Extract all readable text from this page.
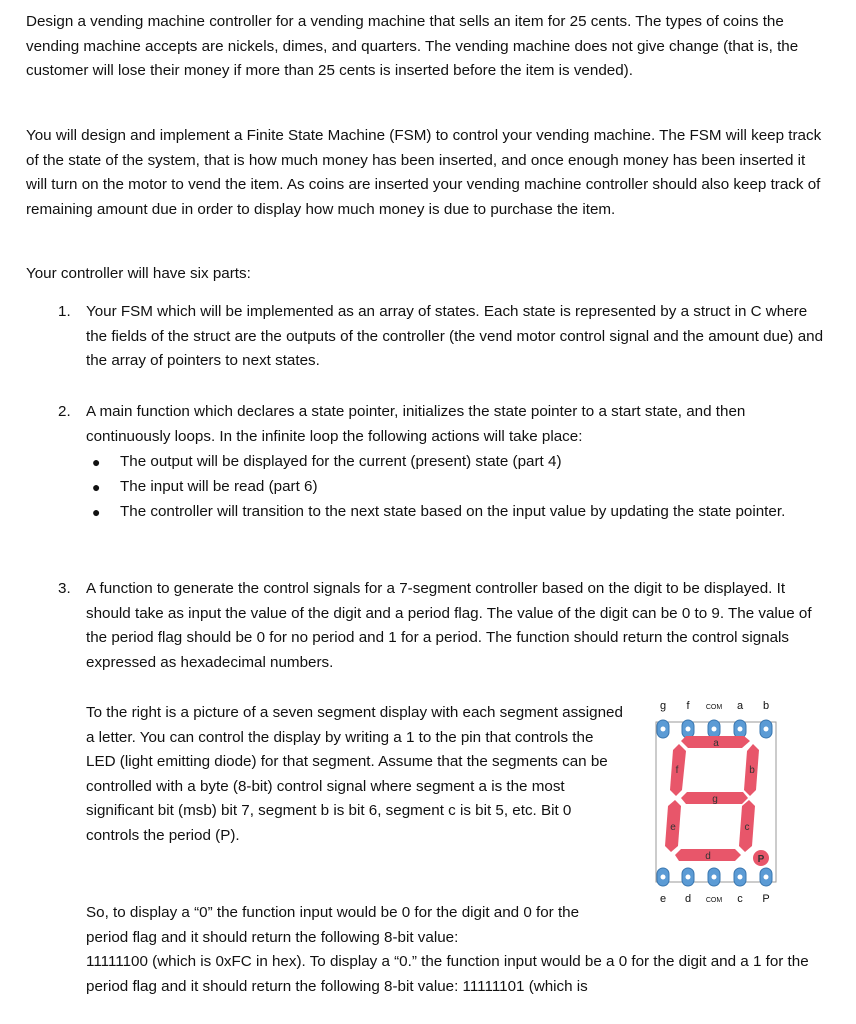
Design a vending machine controller for a vending machine that sells an item for 25 cents. The types of coins the vending machine accepts are nickels, dimes, and quarters. The vending machine does not give change (that is, the customer will lose their money if more than 25 cents is inserted before the item is vended).

You will design and implement a Finite State Machine (FSM) to control your vending machine. The FSM will keep track of the state of the system, that is how much money has been inserted, and once enough money has been inserted it will turn on the motor to vend the item. As coins are inserted your vending machine controller should also keep track of remaining amount due in order to display how much money is due to purchase the item.

Your controller will have six parts:

1. Your FSM which will be implemented as an array of states. Each state is represented by a struct in C where the fields of the struct are the outputs of the controller (the vend motor control signal and the amount due) and the array of pointers to next states.
2. A main function which declares a state pointer, initializes the state pointer to a start state, and then continuously loops. In the infinite loop the following actions will take place:
● The output will be displayed for the current (present) state (part 4)
● The input will be read (part 6)
● The controller will transition to the next state based on the input value by updating the state pointer.
3. A function to generate the control signals for a 7-segment controller based on the digit to be displayed. It should take as input the value of the digit and a period flag. The value of the digit can be 0 to 9. The value of the period flag should be 0 for no period and 1 for a period. The function should return the control signals expressed as hexadecimal numbers.
To the right is a picture of a seven segment display with each segment assigned a letter. You can control the display by writing a 1 to the pin that controls the LED (light emitting diode) for that segment. Assume that the segments can be controlled with a byte (8-bit) control signal where segment a is the most significant bit (msb) bit 7, segment b is bit 6, segment c is bit 5, etc. Bit 0 controls the period (P).
So, to display a “0” the function input would be 0 for the digit and 0 for the period flag and it should return the following 8-bit value:
11111100 (which is 0xFC in hex). To display a “0.” the function input would be a 0 for the digit and a 1 for the period flag and it should return the following 8-bit value: 11111101 (which is
g f COM a b
a
f	b
g
e	c
d	P
e d COM c P
